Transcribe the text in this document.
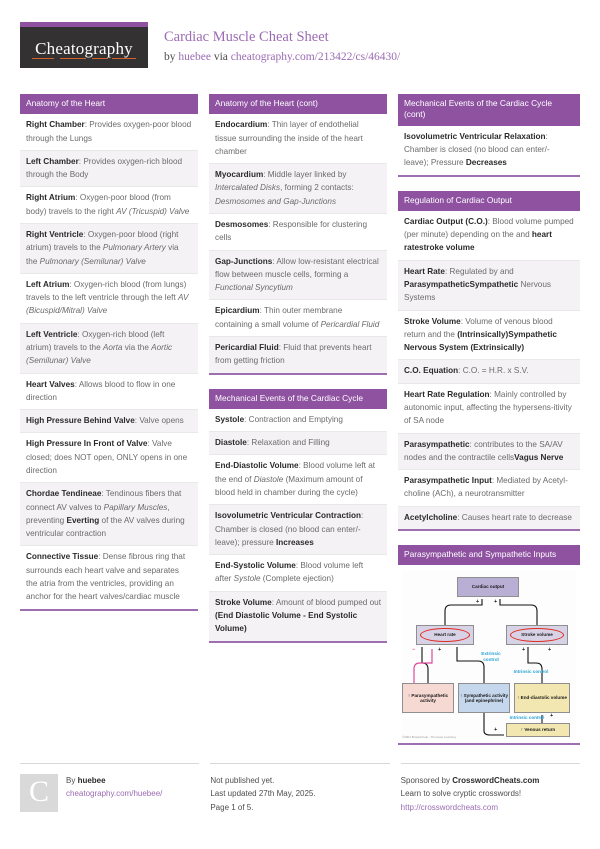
Cheatography
Cardiac Muscle Cheat Sheet
by huebee via cheatography.com/213422/cs/46430/
Anatomy of the Heart
Right Chamber: Provides oxygen-poor blood through the Lungs
Left Chamber: Provides oxygen-rich blood through the Body
Right Atrium: Oxygen-poor blood (from body) travels to the right AV (Tricuspid) Valve
Right Ventricle: Oxygen-poor blood (right atrium) travels to the Pulmonary Artery via the Pulmonary (Semilunar) Valve
Left Atrium: Oxygen-rich blood (from lungs) travels to the left ventricle through the left AV (Bicuspid/Mitral) Valve
Left Ventricle: Oxygen-rich blood (left atrium) travels to the Aorta via the Aortic (Semilunar) Valve
Heart Valves: Allows blood to flow in one direction
High Pressure Behind Valve: Valve opens
High Pressure In Front of Valve: Valve closed; does NOT open, ONLY opens in one direction
Chordae Tendineae: Tendinous fibers that connect AV valves to Papillary Muscles, preventing Everting of the AV valves during ventricular contraction
Connective Tissue: Dense fibrous ring that surrounds each heart valve and separates the atria from the ventricles, providing an anchor for the heart valves/cardiac muscle
Anatomy of the Heart (cont)
Endocardium: Thin layer of endothelial tissue surrounding the inside of the heart chamber
Myocardium: Middle layer linked by Intercalated Disks, forming 2 contacts: Desmosomes and Gap-Junctions
Desmosomes: Responsible for clustering cells
Gap-Junctions: Allow low-resistant electrical flow between muscle cells, forming a Functional Syncytium
Epicardium: Thin outer membrane containing a small volume of Pericardial Fluid
Pericardial Fluid: Fluid that prevents heart from getting friction
Mechanical Events of the Cardiac Cycle
Systole: Contraction and Emptying
Diastole: Relaxation and Filling
End-Diastolic Volume: Blood volume left at the end of Diastole (Maximum amount of blood held in chamber during the cycle)
Isovolumetric Ventricular Contraction: Chamber is closed (no blood can enter/-leave); pressure Increases
End-Systolic Volume: Blood volume left after Systole (Complete ejection)
Stroke Volume: Amount of blood pumped out (End Diastolic Volume - End Systolic Volume)
Mechanical Events of the Cardiac Cycle (cont)
Isovolumetric Ventricular Relaxation: Chamber is closed (no blood can enter/-leave); Pressure Decreases
Regulation of Cardiac Output
Cardiac Output (C.O.): Blood volume pumped (per minute) depending on the and heart ratestroke volume
Heart Rate: Regulated by and ParasympatheticSympathetic Nervous Systems
Stroke Volume: Volume of venous blood return and the (Intrinsically)Sympathetic Nervous System (Extrinsically)
C.O. Equation: C.O. = H.R. x S.V.
Heart Rate Regulation: Mainly controlled by autonomic input, affecting the hypersens-itivity of SA node
Parasympathetic: contributes to the SA/AV nodes and the contractile cellsVagus Nerve
Parasympathetic Input: Mediated by Acetyl-choline (ACh), a neurotransmitter
Acetylcholine: Causes heart rate to decrease
Parasympathetic and Sympathetic Inputs
Cardiac output
Heart rate	Stroke volume
↑ Parasympathetic activity
↑ Sympathetic activity (and epinephrine)
↑ End-diastolic volume
↑ Venous return
Extrinsic control
Intrinsic control
Intrinsic control
+	+
+	+	+
+
+
−
©2001 Brooks/Cole - Thomson Learning
C	By huebee
cheatography.com/huebee/
Not published yet.
Last updated 27th May, 2025.
Page 1 of 5.
Sponsored by CrosswordCheats.com
Learn to solve cryptic crosswords!
http://crosswordcheats.com
